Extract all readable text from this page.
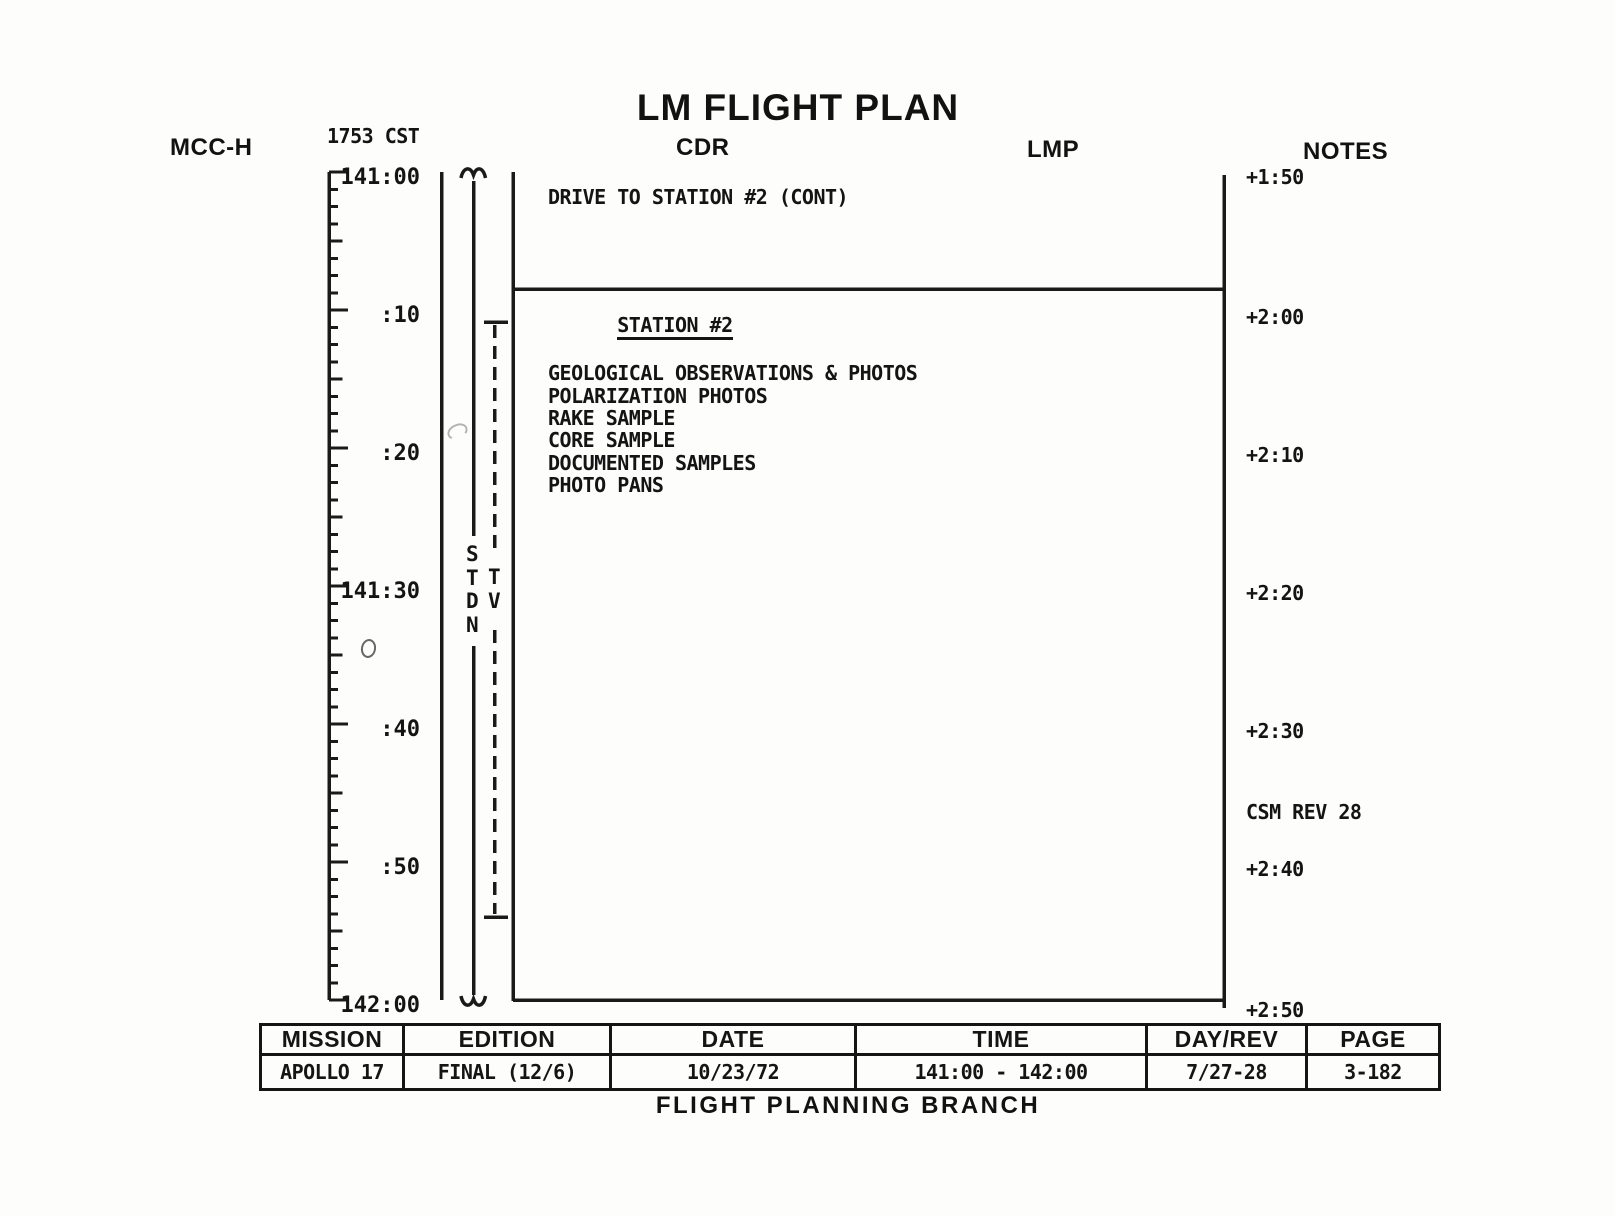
MCC-H	1753 CST
LM FLIGHT PLAN
CDR	LMP	NOTES
141:00
:10
:20
141:30
:40
:50
142:00
STDN
TV
DRIVE TO STATION #2 (CONT)

STATION #2

GEOLOGICAL OBSERVATIONS & PHOTOS
POLARIZATION PHOTOS
RAKE SAMPLE
CORE SAMPLE
DOCUMENTED SAMPLES
PHOTO PANS
+1:50
+2:00
+2:10
+2:20
+2:30
+2:40
+2:50
CSM REV 28
MISSION	EDITION	DATE	TIME	DAY/REV	PAGE
APOLLO 17	FINAL (12/6)	10/23/72	141:00 - 142:00	7/27-28	3-182
FLIGHT PLANNING BRANCH
